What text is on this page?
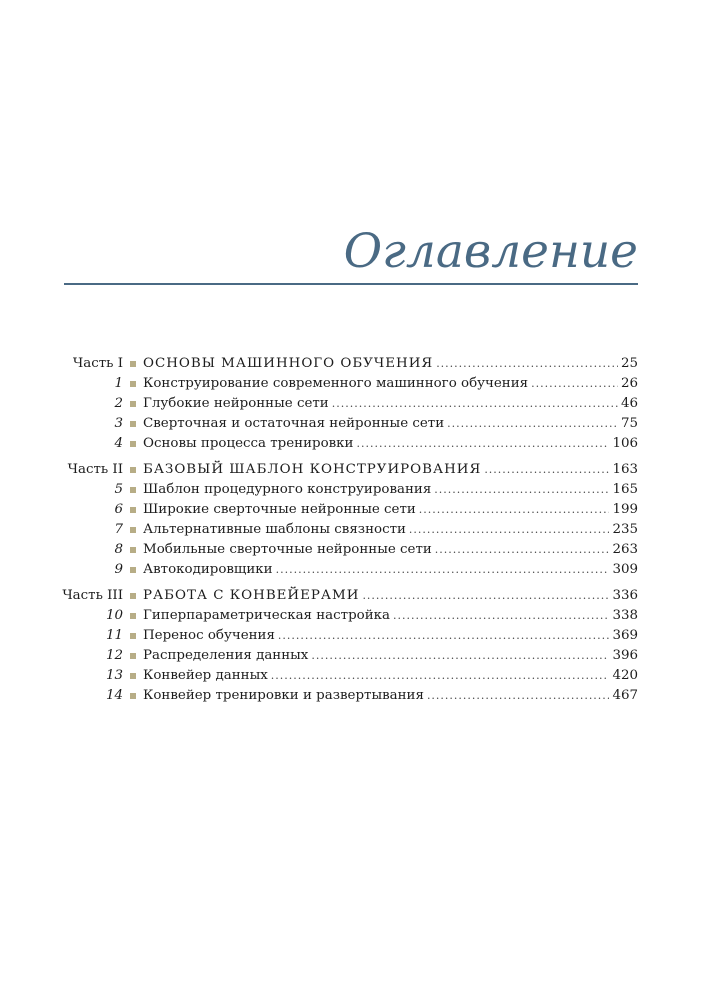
Оглавление
Часть I ОСНОВЫ МАШИННОГО ОБУЧЕНИЯ .....	25
1 Конструирование современного машинного обучения .....	26
2 Глубокие нейронные сети .....	46
3 Сверточная и остаточная нейронные сети .....	75
4 Основы процесса тренировки .....	106
Часть II БАЗОВЫЙ ШАБЛОН КОНСТРУИРОВАНИЯ .....	163
5 Шаблон процедурного конструирования .....	165
6 Широкие сверточные нейронные сети .....	199
7 Альтернативные шаблоны связности .....	235
8 Мобильные сверточные нейронные сети .....	263
9 Автокодировщики .....	309
Часть III РАБОТА С КОНВЕЙЕРАМИ .....	336
10 Гиперпараметрическая настройка .....	338
11 Перенос обучения .....	369
12 Распределения данных .....	396
13 Конвейер данных .....	420
14 Конвейер тренировки и развертывания .....	467
